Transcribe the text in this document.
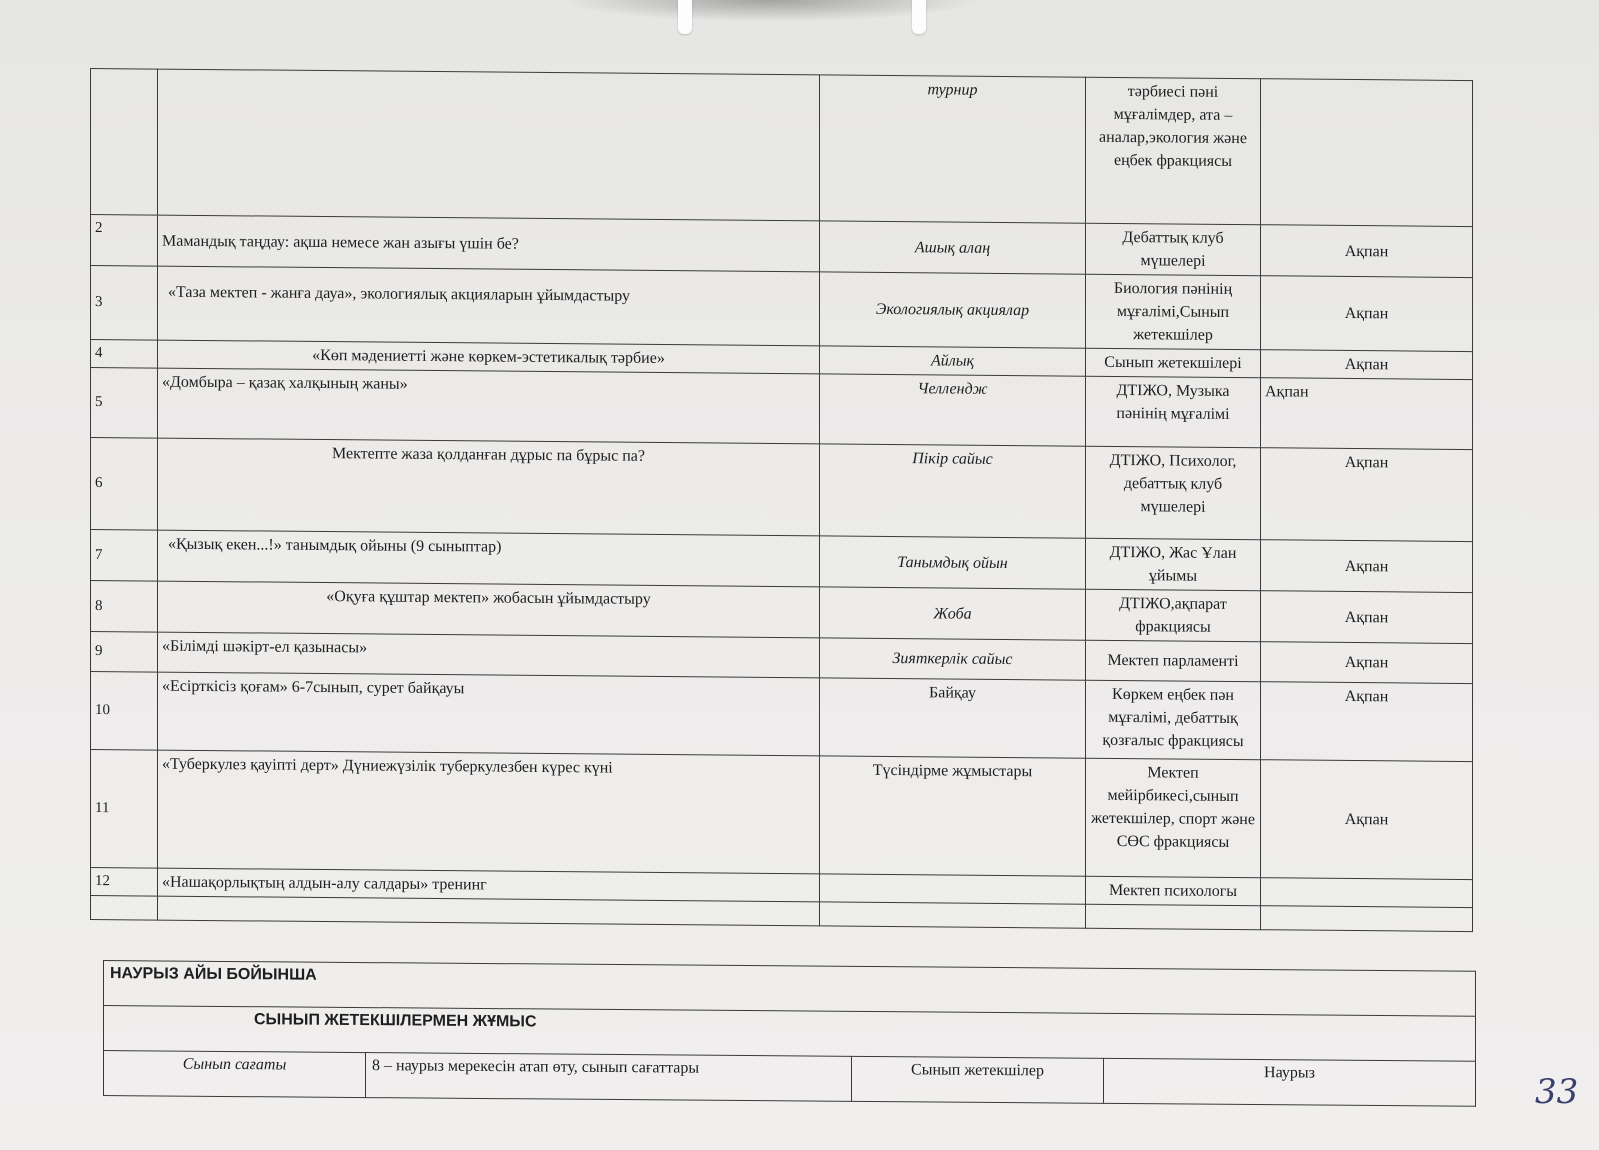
		турнир	тәрбиесі пәні мұғалімдер, ата – аналар,экология және еңбек фракциясы	
2	Мамандық таңдау: ақша немесе жан азығы үшін бе?	Ашық алаң	Дебаттық клуб мүшелері	Ақпан
3	«Таза мектеп - жанға дауа», экологиялық акцияларын ұйымдастыру	Экологиялық акциялар	Биология пәнінің мұғалімі,Сынып жетекшілер	Ақпан
4	«Көп мәдениетті және көркем-эстетикалық тәрбие»	Айлық	Сынып жетекшілері	Ақпан
5	«Домбыра – қазақ халқының жаны»	Челлендж	ДТІЖО, Музыка пәнінің мұғалімі	Ақпан
6	Мектепте жаза қолданған дұрыс па бұрыс па?	Пікір сайыс	ДТІЖО, Психолог, дебаттық клуб мүшелері	Ақпан
7	«Қызық екен...!» танымдық ойыны (9 сыныптар)	Танымдық ойын	ДТІЖО, Жас Ұлан ұйымы	Ақпан
8	«Оқуға құштар мектеп» жобасын ұйымдастыру	Жоба	ДТІЖО,ақпарат фракциясы	Ақпан
9	«Білімді шәкірт-ел қазынасы»	Зияткерлік сайыс	Мектеп парламенті	Ақпан
10	«Есірткісіз қоғам» 6-7сынып, сурет байқауы	Байқау	Көркем еңбек пән мұғалімі, дебаттық қозғалыс фракциясы	Ақпан
11	«Туберкулез қауіпті дерт» Дүниежүзілік туберкулезбен күрес күні	Түсіндірме жұмыстары	Мектеп мейірбикесі,сынып жетекшілер, спорт және СӨС фракциясы	Ақпан
12	«Нашақорлықтың алдын-алу салдары» тренинг		Мектеп психологы	

НАУРЫЗ АЙЫ БОЙЫНША
СЫНЫП ЖЕТЕКШІЛЕРМЕН ЖҰМЫС
Сынып сағаты	8 – наурыз мерекесін атап өту, сынып сағаттары	Сынып жетекшілер	Наурыз	33
